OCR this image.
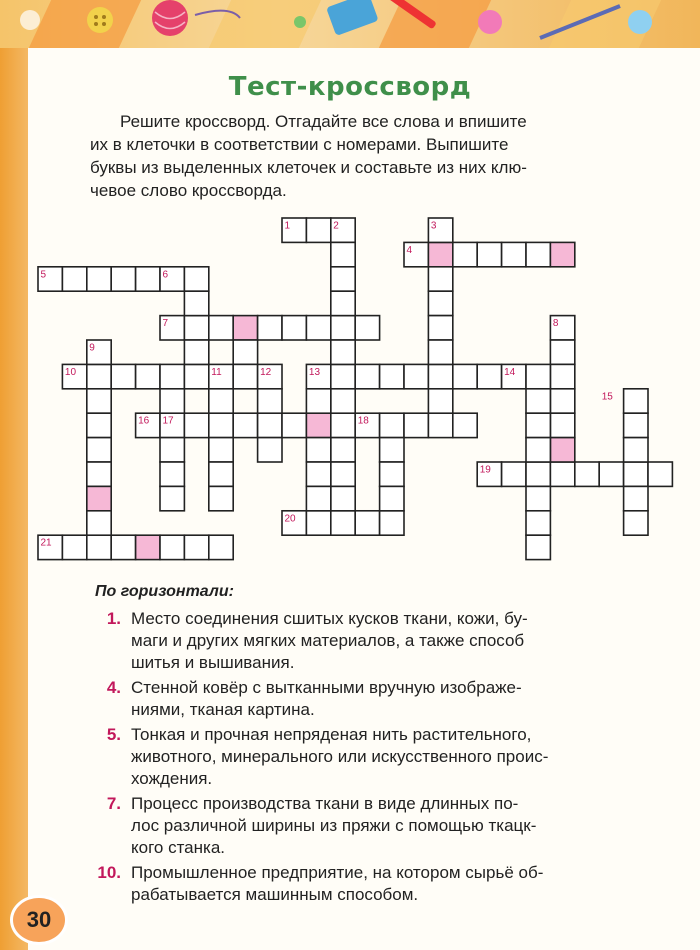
Тест-кроссворд
Решите кроссворд. Отгадайте все слова и впишите
их в клеточки в соответствии с номерами. Выпишите
буквы из выделенных клеточек и составьте из них клю-
чевое слово кроссворда.
1	2	3
4
5	6
7	8
9
10	11	12	13	14
15
16 17	18
19
20
21
По горизонтали:
1. Место соединения сшитых кусков ткани, кожи, бу-
маги и других мягких материалов, а также способ
шитья и вышивания.
4. Стенной ковёр с вытканными вручную изображе-
ниями, тканая картина.
5. Тонкая и прочная непряденая нить растительного,
животного, минерального или искусственного проис-
хождения.
7. Процесс производства ткани в виде длинных по-
лос различной ширины из пряжи с помощью ткацк-
кого станка.
10. Промышленное предприятие, на котором сырьё об-
рабатывается машинным способом.
30
